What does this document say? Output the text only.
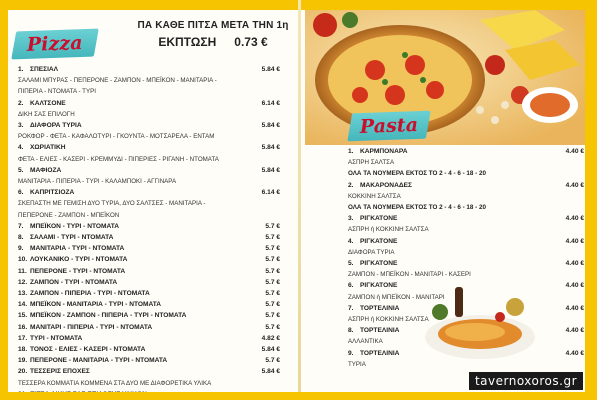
Pizza
ΠΑ ΚΑΘΕ ΠΙΤΣΑ ΜΕΤΑ ΤΗΝ 1η
ΕΚΠΤΩΣΗ 0.73 €
1. ΣΠΕΣΙΑΛ	5.84 €
ΣΑΛΑΜΙ ΜΠΥΡΑΣ - ΠΕΠΕΡΟΝΕ - ΖΑΜΠΟΝ - ΜΠΕΪΚΟΝ - ΜΑΝΙΤΑΡΙΑ -
ΠΙΠΕΡΙΑ - ΝΤΟΜΑΤΑ - ΤΥΡΙ
2. ΚΑΛΤΣΟΝΕ	6.14 €
ΔΙΚΗ ΣΑΣ ΕΠΙΛΟΓΗ
3. ΔΙΑΦΟΡΑ ΤΥΡΙΑ	5.84 €
ΡΟΚΦΟΡ - ΦΕΤΑ - ΚΑΦΑΛΟΤΥΡΙ - ΓΚΟΥΝΤΑ - ΜΟΤΣΑΡΕΛΑ - ΕΝΤΑΜ
4. ΧΩΡΙΑΤΙΚΗ	5.84 €
ΦΕΤΑ - ΕΛΙΕΣ - ΚΑΣΕΡΙ - ΚΡΕΜΜΥΔΙ - ΠΙΠΕΡΙΕΣ - ΡΙΓΑΝΗ - ΝΤΟΜΑΤΑ
5. ΜΑΦΙΟΖΑ	5.84 €
ΜΑΝΙΤΑΡΙΑ - ΠΙΠΕΡΙΑ - ΤΥΡΙ - ΚΑΛΑΜΠΟΚΙ - ΑΓΓΙΝΑΡΑ
6. ΚΑΠΡΙΤΣΙΟΖΑ	6.14 €
ΣΚΕΠΑΣΤΗ ΜΕ ΓΕΜΙΣΗ ΔΥΟ ΤΥΡΙΑ, ΔΥΟ ΣΑΛΤΣΕΣ - ΜΑΝΙΤΑΡΙΑ -
ΠΕΠΕΡΟΝΕ - ΖΑΜΠΟΝ - ΜΠΕΪΚΟΝ
7. ΜΠΕΪΚΟΝ - ΤΥΡΙ - ΝΤΟΜΑΤΑ	5.7 €
8. ΣΑΛΑΜΙ - ΤΥΡΙ - ΝΤΟΜΑΤΑ	5.7 €
9. ΜΑΝΙΤΑΡΙΑ - ΤΥΡΙ - ΝΤΟΜΑΤΑ	5.7 €
10. ΛΟΥΚΑΝΙΚΟ - ΤΥΡΙ - ΝΤΟΜΑΤΑ	5.7 €
11. ΠΕΠΕΡΟΝΕ - ΤΥΡΙ - ΝΤΟΜΑΤΑ	5.7 €
12. ΖΑΜΠΟΝ - ΤΥΡΙ - ΝΤΟΜΑΤΑ	5.7 €
13. ΖΑΜΠΟΝ - ΠΙΠΕΡΙΑ - ΤΥΡΙ - ΝΤΟΜΑΤΑ	5.7 €
14. ΜΠΕΪΚΟΝ - ΜΑΝΙΤΑΡΙΑ - ΤΥΡΙ - ΝΤΟΜΑΤΑ	5.7 €
15. ΜΠΕΪΚΟΝ - ΖΑΜΠΟΝ - ΠΙΠΕΡΙΑ - ΤΥΡΙ - ΝΤΟΜΑΤΑ	5.7 €
16. ΜΑΝΙΤΑΡΙ - ΠΙΠΕΡΙΑ - ΤΥΡΙ - ΝΤΟΜΑΤΑ	5.7 €
17. ΤΥΡΙ - ΝΤΟΜΑΤΑ	4.82 €
18. ΤΟΝΟΣ - ΕΛΙΕΣ - ΚΑΣΕΡΙ - ΝΤΟΜΑΤΑ	5.84 €
19. ΠΕΠΕΡΟΝΕ - ΜΑΝΙΤΑΡΙΑ - ΤΥΡΙ - ΝΤΟΜΑΤΑ	5.7 €
20. ΤΕΣΣΕΡΙΣ ΕΠΟΧΕΣ	5.84 €
ΤΕΣΣΕΡΑ ΚΟΜΜΑΤΙΑ ΚΟΜΜΕΝΑ ΣΤΑ ΔΥΟ ΜΕ ΔΙΑΦΟΡΕΤΙΚΑ ΥΛΙΚΑ
Pasta
1. ΚΑΡΜΠΟΝΑΡΑ	4.40 €
ΑΣΠΡΗ ΣΑΛΤΣΑ
ΟΛΑ ΤΑ ΝΟΥΜΕΡΑ ΕΚΤΟΣ ΤΟ 2 - 4 - 6 - 18 - 20
2. ΜΑΚΑΡΟΝΑΔΕΣ	4.40 €
ΚΟΚΚΙΝΗ ΣΑΛΤΣΑ
ΟΛΑ ΤΑ ΝΟΥΜΕΡΑ ΕΚΤΟΣ ΤΟ 2 - 4 - 6 - 18 - 20
3. ΡΙΓΚΑΤΟΝΕ	4.40 €
ΑΣΠΡΗ ή ΚΟΚΚΙΝΗ ΣΑΛΤΣΑ
4. ΡΙΓΚΑΤΟΝΕ	4.40 €
ΔΙΑΦΟΡΑ ΤΥΡΙΑ
5. ΡΙΓΚΑΤΟΝΕ	4.40 €
ΖΑΜΠΟΝ - ΜΠΕΪΚΟΝ - ΜΑΝΙΤΑΡΙ - ΚΑΣΕΡΙ
6. ΡΙΓΚΑΤΟΝΕ	4.40 €
ΖΑΜΠΟΝ ή ΜΠΕΪΚΟΝ - ΜΑΝΙΤΑΡΙ
7. ΤΟΡΤΕΛΙΝΙΑ	4.40 €
ΑΣΠΡΗ ή ΚΟΚΚΙΝΗ ΣΑΛΤΣΑ
8. ΤΟΡΤΕΛΙΝΙΑ	4.40 €
ΑΛΛΑΝΤΙΚΑ
9. ΤΟΡΤΕΛΙΝΙΑ	4.40 €
ΤΥΡΙΑ
tavernoxoros.gr
